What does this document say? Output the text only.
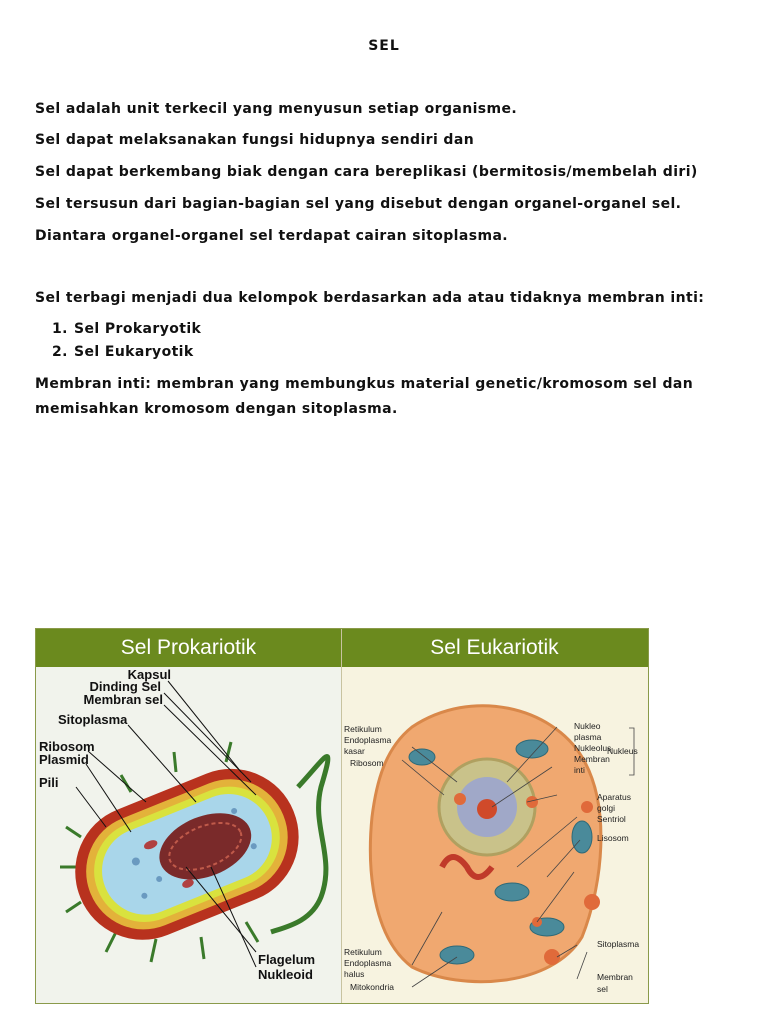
SEL
Sel adalah unit terkecil yang menyusun setiap organisme.
Sel dapat melaksanakan fungsi hidupnya sendiri dan
Sel dapat berkembang biak dengan cara bereplikasi (bermitosis/membelah diri)
Sel tersusun dari bagian-bagian sel yang disebut dengan organel-organel sel.
Diantara organel-organel sel terdapat cairan sitoplasma.
Sel terbagi menjadi dua kelompok berdasarkan ada atau tidaknya membran inti:
1. Sel Prokaryotik
2. Sel Eukaryotik
Membran inti: membran yang membungkus material genetic/kromosom sel dan
memisahkan kromosom dengan sitoplasma.
Sel Prokariotik	Sel Eukariotik
Kapsul
Dinding Sel
Membran sel
Sitoplasma
Ribosom
Plasmid
Pili
Flagelum
Nukleoid
Retikulum
Endoplasma
kasar
Ribosom
Retikulum
Endoplasma
halus
Mitokondria
Nukleo
plasma
Nukleolus
Membran
inti
Nukleus
Aparatus
golgi
Sentriol
Lisosom
Sitoplasma
Membran
sel
